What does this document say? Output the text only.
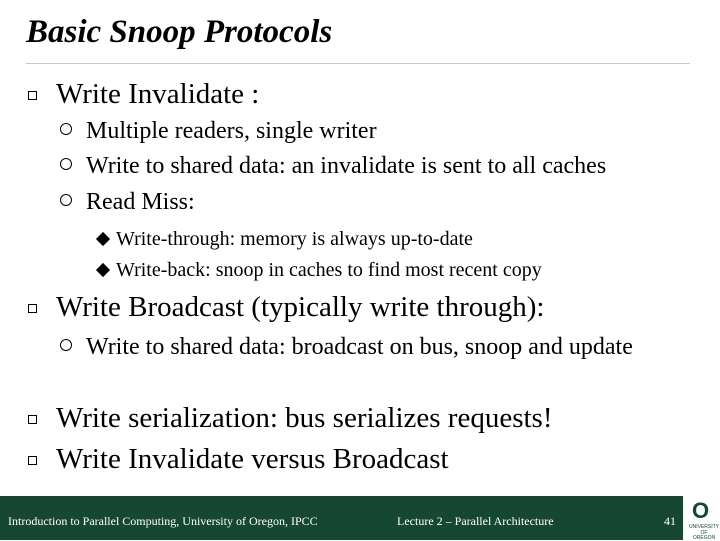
Basic Snoop Protocols
Write Invalidate :
Multiple readers, single writer
Write to shared data: an invalidate is sent to all caches
Read Miss:
Write-through: memory is always up-to-date
Write-back: snoop in caches to find most recent copy
Write Broadcast (typically write through):
Write to shared data: broadcast on bus, snoop and update
Write serialization: bus serializes requests!
Write Invalidate versus Broadcast
Introduction to Parallel Computing, University of Oregon, IPCC	Lecture 2 – Parallel Architecture	41 O
UNIVERSITY
OF OREGON
